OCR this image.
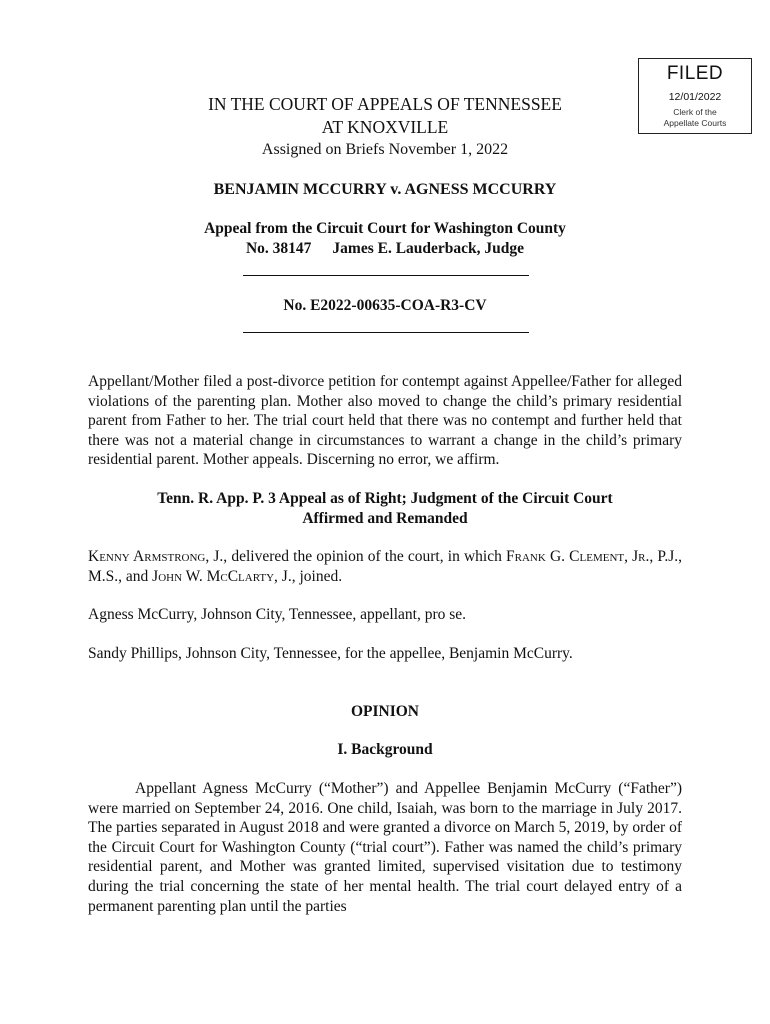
FILED
12/01/2022
Clerk of the
Appellate Courts
IN THE COURT OF APPEALS OF TENNESSEE
AT KNOXVILLE
Assigned on Briefs November 1, 2022
BENJAMIN MCCURRY v. AGNESS MCCURRY
Appeal from the Circuit Court for Washington County
No. 38147 James E. Lauderback, Judge
No. E2022-00635-COA-R3-CV
Appellant/Mother filed a post-divorce petition for contempt against Appellee/Father for alleged violations of the parenting plan. Mother also moved to change the child’s primary residential parent from Father to her. The trial court held that there was no contempt and further held that there was not a material change in circumstances to warrant a change in the child’s primary residential parent. Mother appeals. Discerning no error, we affirm.
Tenn. R. App. P. 3 Appeal as of Right; Judgment of the Circuit Court
Affirmed and Remanded
Kenny Armstrong, J., delivered the opinion of the court, in which Frank G. Clement, Jr., P.J., M.S., and John W. McClarty, J., joined.
Agness McCurry, Johnson City, Tennessee, appellant, pro se.
Sandy Phillips, Johnson City, Tennessee, for the appellee, Benjamin McCurry.
OPINION
I. Background
Appellant Agness McCurry (“Mother”) and Appellee Benjamin McCurry (“Father”) were married on September 24, 2016. One child, Isaiah, was born to the marriage in July 2017. The parties separated in August 2018 and were granted a divorce on March 5, 2019, by order of the Circuit Court for Washington County (“trial court”). Father was named the child’s primary residential parent, and Mother was granted limited, supervised visitation due to testimony during the trial concerning the state of her mental health. The trial court delayed entry of a permanent parenting plan until the parties
